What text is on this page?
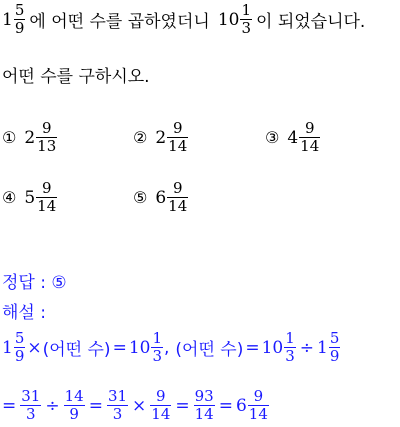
$1 \frac{5}{9}$ 에 어떤 수를 곱하였더니 $10 \frac{1}{3}$ 이 되었습니다.
어떤 수를 구하시오.
① $2 \frac{9}{13}$	② $2 \frac{9}{14}$	③ $4 \frac{9}{14}$
④ $5 \frac{9}{14}$	⑤ $6 \frac{9}{14}$
정답 : ⑤
해설 :
$1 \frac{5}{9}$ × (어떤 수) = $10 \frac{1}{3}$ , (어떤 수) = $10 \frac{1}{3} \div 1 \frac{5}{9}$
= $\frac{31}{3} \div \frac{14}{9} = \frac{31}{3} \times \frac{9}{14} = \frac{93}{14} = 6 \frac{9}{14}$
